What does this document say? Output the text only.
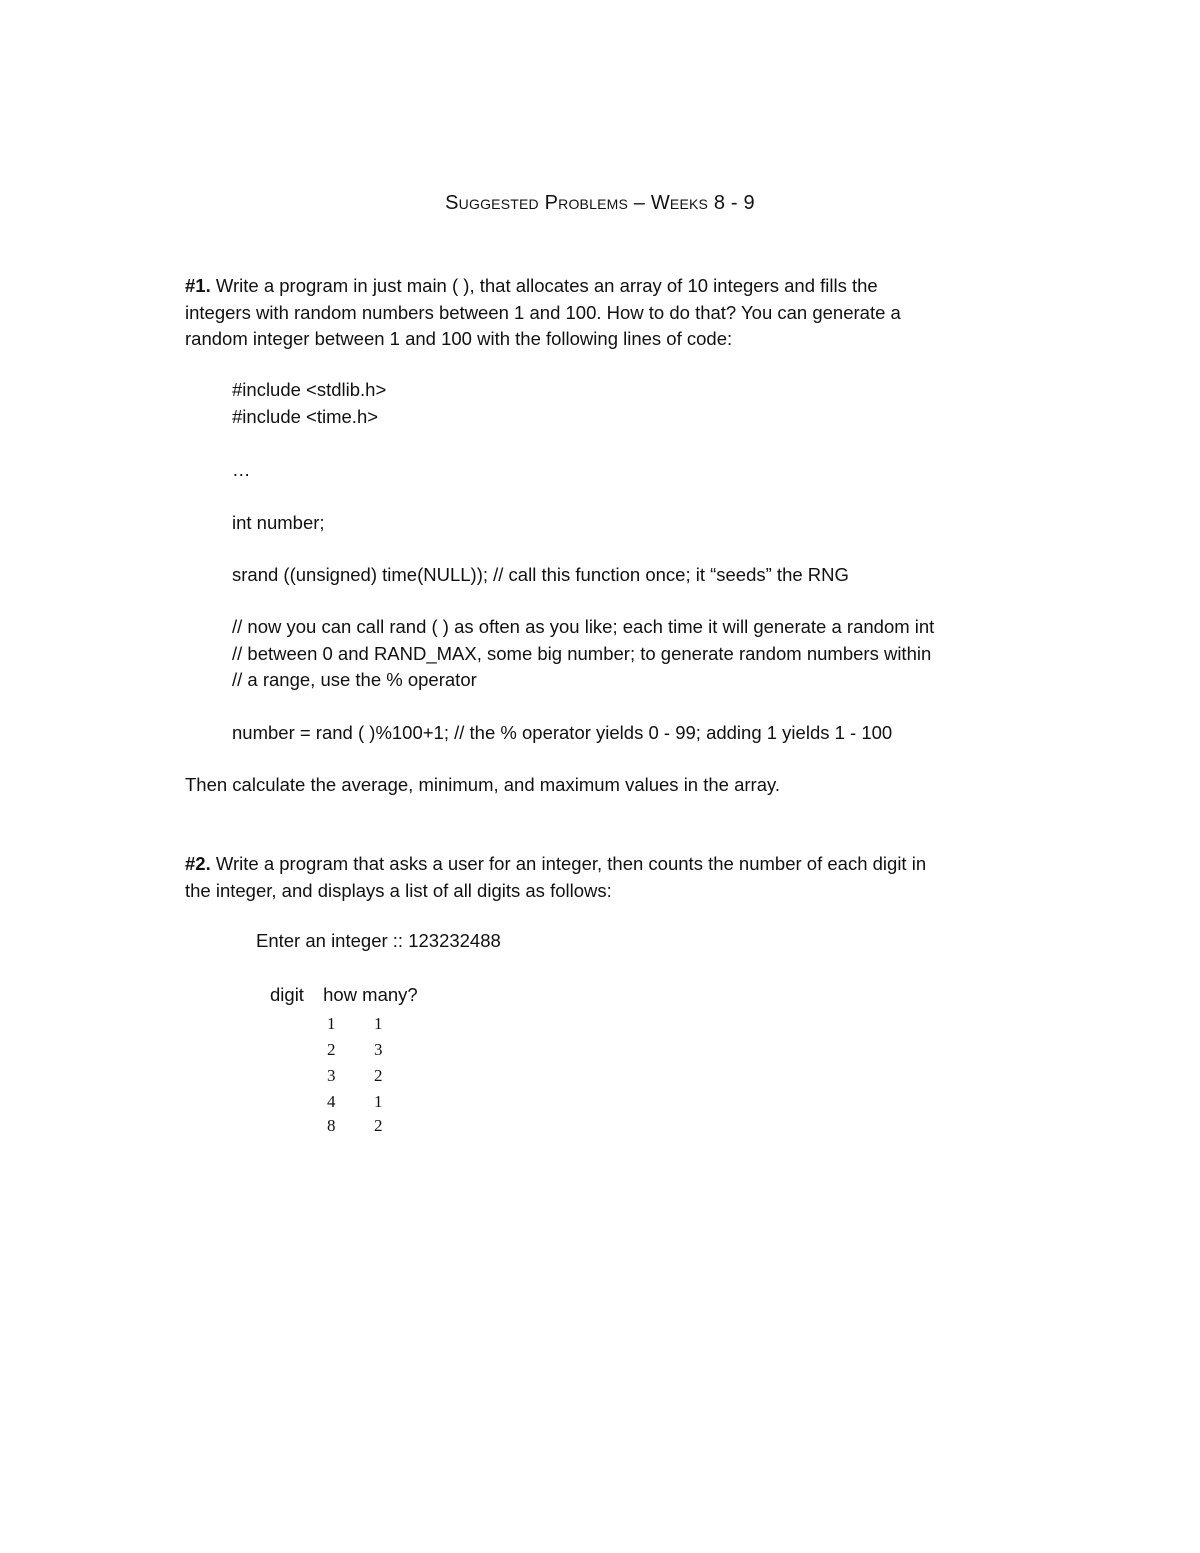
Suggested Problems – Weeks 8 - 9
#1. Write a program in just main ( ), that allocates an array of 10 integers and fills the
integers with random numbers between 1 and 100. How to do that? You can generate a
random integer between 1 and 100 with the following lines of code:
#include <stdlib.h>
#include <time.h>
…
int number;
srand ((unsigned) time(NULL)); // call this function once; it “seeds” the RNG
// now you can call rand ( ) as often as you like; each time it will generate a random int
// between 0 and RAND_MAX, some big number; to generate random numbers within
// a range, use the % operator
number = rand ( )%100+1; // the % operator yields 0 - 99; adding 1 yields 1 - 100
Then calculate the average, minimum, and maximum values in the array.
#2. Write a program that asks a user for an integer, then counts the number of each digit in
the integer, and displays a list of all digits as follows:
Enter an integer :: 123232488
digit how many?
1 1
2 3
3 2
4 1
8 2
